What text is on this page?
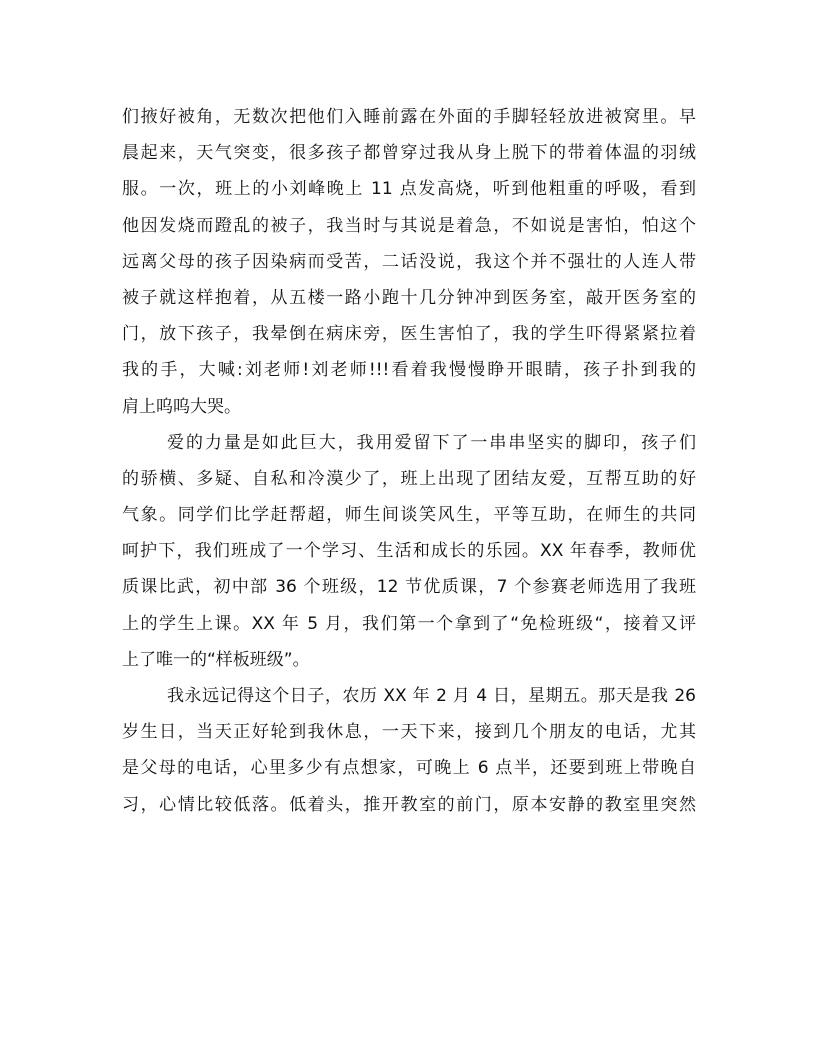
们掖好被角，无数次把他们入睡前露在外面的手脚轻轻放进被窝里。早
晨起来，天气突变，很多孩子都曾穿过我从身上脱下的带着体温的羽绒
服。一次，班上的小刘峰晚上 11 点发高烧，听到他粗重的呼吸，看到
他因发烧而蹬乱的被子，我当时与其说是着急，不如说是害怕，怕这个
远离父母的孩子因染病而受苦，二话没说，我这个并不强壮的人连人带
被子就这样抱着，从五楼一路小跑十几分钟冲到医务室，敲开医务室的
门，放下孩子，我晕倒在病床旁，医生害怕了，我的学生吓得紧紧拉着
我的手，大喊:刘老师!刘老师!!!看着我慢慢睁开眼睛，孩子扑到我的
肩上呜呜大哭。
爱的力量是如此巨大，我用爱留下了一串串坚实的脚印，孩子们
的骄横、多疑、自私和冷漠少了，班上出现了团结友爱，互帮互助的好
气象。同学们比学赶帮超，师生间谈笑风生，平等互助，在师生的共同
呵护下，我们班成了一个学习、生活和成长的乐园。XX 年春季，教师优
质课比武，初中部 36 个班级，12 节优质课，7 个参赛老师选用了我班
上的学生上课。XX 年 5 月，我们第一个拿到了“免检班级“，接着又评
上了唯一的“样板班级”。
我永远记得这个日子，农历 XX 年 2 月 4 日，星期五。那天是我 26
岁生日，当天正好轮到我休息，一天下来，接到几个朋友的电话，尤其
是父母的电话，心里多少有点想家，可晚上 6 点半，还要到班上带晚自
习，心情比较低落。低着头，推开教室的前门，原本安静的教室里突然
